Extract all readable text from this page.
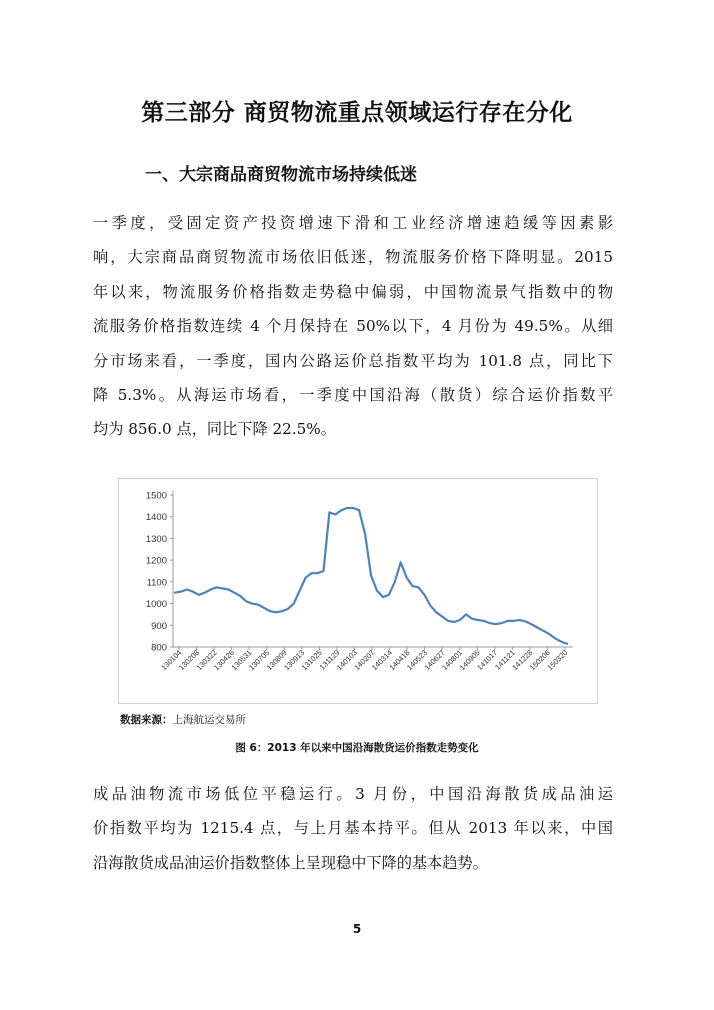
第三部分 商贸物流重点领域运行存在分化
一、大宗商品商贸物流市场持续低迷

一季度，受固定资产投资增速下滑和工业经济增速趋缓等因素影
响，大宗商品商贸物流市场依旧低迷，物流服务价格下降明显。2015
年以来，物流服务价格指数走势稳中偏弱，中国物流景气指数中的物
流服务价格指数连续 4 个月保持在 50%以下，4 月份为 49.5%。从细
分市场来看，一季度，国内公路运价总指数平均为 101.8 点，同比下
降 5.3%。从海运市场看，一季度中国沿海（散货）综合运价指数平
均为 856.0 点，同比下降 22.5%。

800
900
1000
1100
1200
1300
1400
1500
130104
130208
130322
130426
130531
130705
130809
130913
131025
131129
140103
140207
140314
140418
140523
140627
140801
140905
141017
141121
141228
150206
150320
数据来源：上海航运交易所
图 6：2013 年以来中国沿海散货运价指数走势变化

成品油物流市场低位平稳运行。3 月份，中国沿海散货成品油运
价指数平均为 1215.4 点，与上月基本持平。但从 2013 年以来，中国
沿海散货成品油运价指数整体上呈现稳中下降的基本趋势。

5
